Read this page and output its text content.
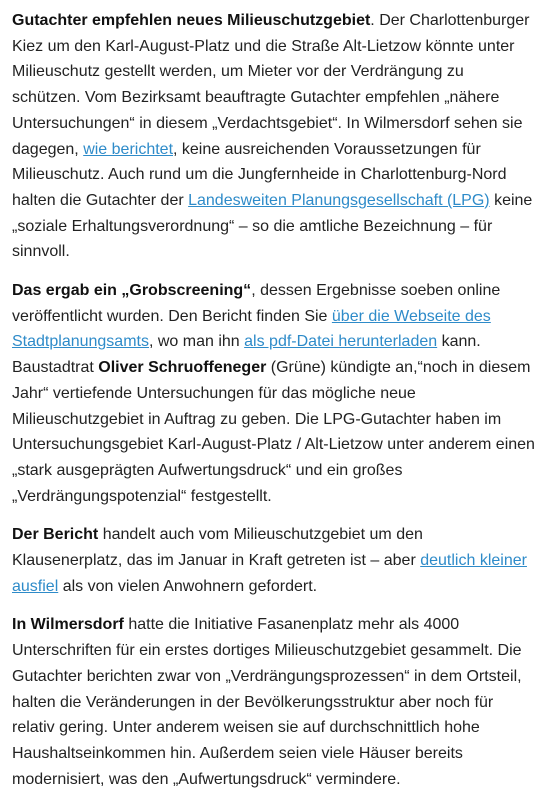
Gutachter empfehlen neues Milieuschutzgebiet. Der Charlottenburger Kiez um den Karl-August-Platz und die Straße Alt-Lietzow könnte unter Milieuschutz gestellt werden, um Mieter vor der Verdrängung zu schützen. Vom Bezirksamt beauftragte Gutachter empfehlen „nähere Untersuchungen“ in diesem „Verdachtsgebiet“. In Wilmersdorf sehen sie dagegen, wie berichtet, keine ausreichenden Voraussetzungen für Milieuschutz. Auch rund um die Jungfernheide in Charlottenburg-Nord halten die Gutachter der Landesweiten Planungsgesellschaft (LPG) keine „soziale Erhaltungsverordnung“ – so die amtliche Bezeichnung – für sinnvoll.

Das ergab ein „Grobscreening“, dessen Ergebnisse soeben online veröffentlicht wurden. Den Bericht finden Sie über die Webseite des Stadtplanungsamts, wo man ihn als pdf-Datei herunterladen kann. Baustadtrat Oliver Schruoffeneger (Grüne) kündigte an,“noch in diesem Jahr“ vertiefende Untersuchungen für das mögliche neue Milieuschutzgebiet in Auftrag zu geben. Die LPG-Gutachter haben im Untersuchungsgebiet Karl-August-Platz / Alt-Lietzow unter anderem einen „stark ausgeprägten Aufwertungsdruck“ und ein großes „Verdrängungspotenzial“ festgestellt.

Der Bericht handelt auch vom Milieuschutzgebiet um den Klausenerplatz, das im Januar in Kraft getreten ist – aber deutlich kleiner ausfiel als von vielen Anwohnern gefordert.

In Wilmersdorf hatte die Initiative Fasanenplatz mehr als 4000 Unterschriften für ein erstes dortiges Milieuschutzgebiet gesammelt. Die Gutachter berichten zwar von „Verdrängungsprozessen“ in dem Ortsteil, halten die Veränderungen in der Bevölkerungsstruktur aber noch für relativ gering. Unter anderem weisen sie auf durchschnittlich hohe Haushaltseinkommen hin. Außerdem seien viele Häuser bereits modernisiert, was den „Aufwertungsdruck“ vermindere.
